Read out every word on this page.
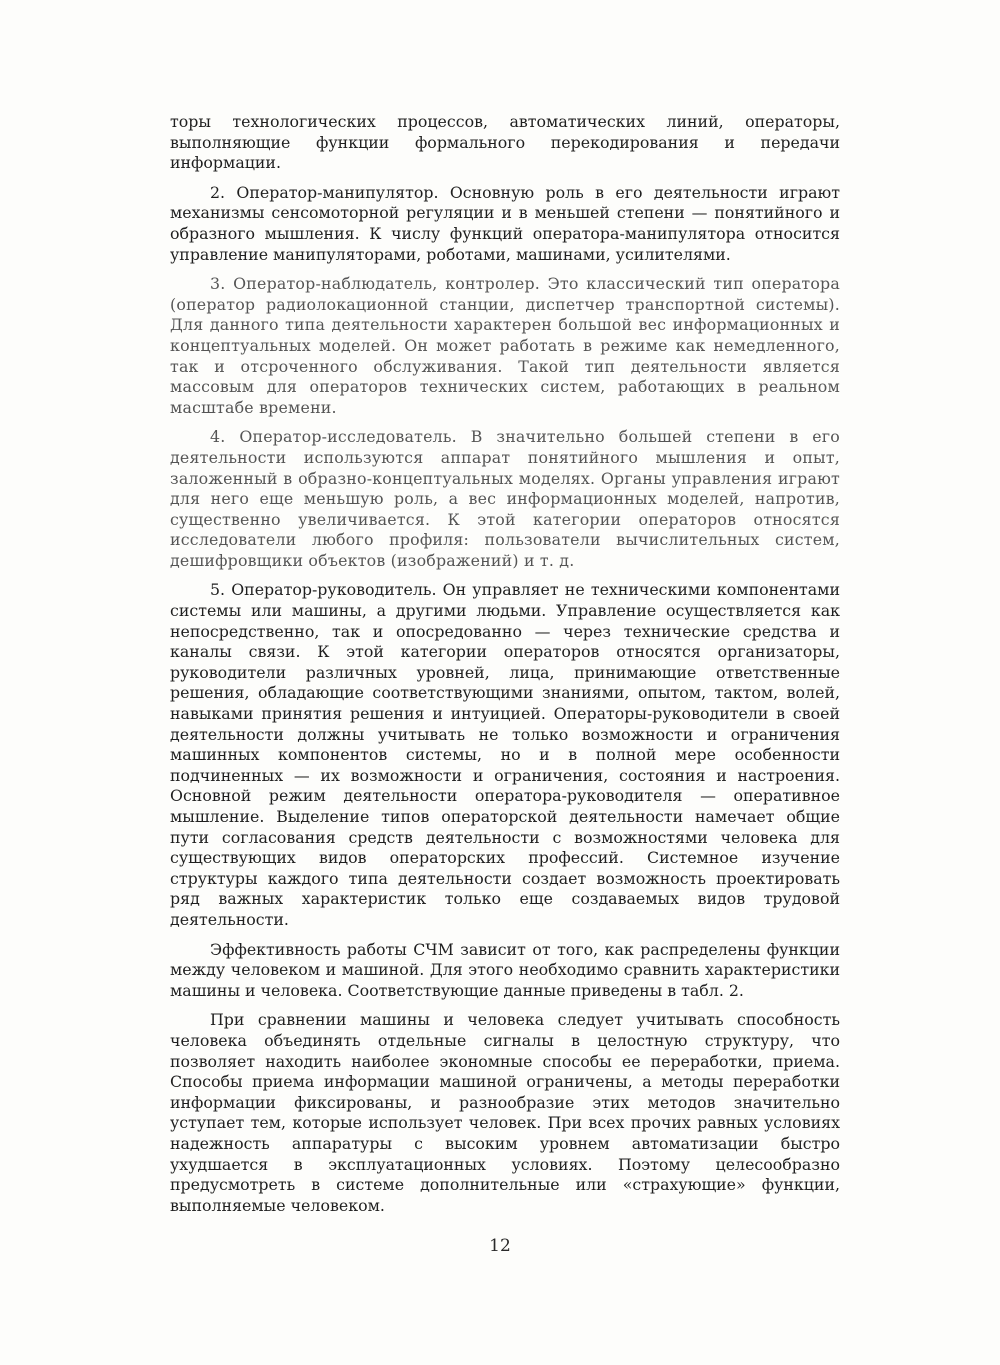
торы технологических процессов, автоматических линий, операторы, выполняющие функции формального перекодирования и передачи информации.

2. Оператор-манипулятор. Основную роль в его деятельности играют механизмы сенсомоторной регуляции и в меньшей степени — понятийного и образного мышления. К числу функций оператора-манипулятора относится управление манипуляторами, роботами, машинами, усилителями.

3. Оператор-наблюдатель, контролер. Это классический тип оператора (оператор радиолокационной станции, диспетчер транспортной системы). Для данного типа деятельности характерен большой вес информационных и концептуальных моделей. Он может работать в режиме как немедленного, так и отсроченного обслуживания. Такой тип деятельности является массовым для операторов технических систем, работающих в реальном масштабе времени.

4. Оператор-исследователь. В значительно большей степени в его деятельности используются аппарат понятийного мышления и опыт, заложенный в образно-концептуальных моделях. Органы управления играют для него еще меньшую роль, а вес информационных моделей, напротив, существенно увеличивается. К этой категории операторов относятся исследователи любого профиля: пользователи вычислительных систем, дешифровщики объектов (изображений) и т. д.

5. Оператор-руководитель. Он управляет не техническими компонентами системы или машины, а другими людьми. Управление осуществляется как непосредственно, так и опосредованно — через технические средства и каналы связи. К этой категории операторов относятся организаторы, руководители различных уровней, лица, принимающие ответственные решения, обладающие соответствующими знаниями, опытом, тактом, волей, навыками принятия решения и интуицией. Операторы-руководители в своей деятельности должны учитывать не только возможности и ограничения машинных компонентов системы, но и в полной мере особенности подчиненных — их возможности и ограничения, состояния и настроения. Основной режим деятельности оператора-руководителя — оперативное мышление. Выделение типов операторской деятельности намечает общие пути согласования средств деятельности с возможностями человека для существующих видов операторских профессий. Системное изучение структуры каждого типа деятельности создает возможность проектировать ряд важных характеристик только еще создаваемых видов трудовой деятельности.

Эффективность работы СЧМ зависит от того, как распределены функции между человеком и машиной. Для этого необходимо сравнить характеристики машины и человека. Соответствующие данные приведены в табл. 2.

При сравнении машины и человека следует учитывать способность человека объединять отдельные сигналы в целостную структуру, что позволяет находить наиболее экономные способы ее переработки, приема. Способы приема информации машиной ограничены, а методы переработки информации фиксированы, и разнообразие этих методов значительно уступает тем, которые использует человек. При всех прочих равных условиях надежность аппаратуры с высоким уровнем автоматизации быстро ухудшается в эксплуатационных условиях. Поэтому целесообразно предусмотреть в системе дополнительные или «страхующие» функции, выполняемые человеком.

12
